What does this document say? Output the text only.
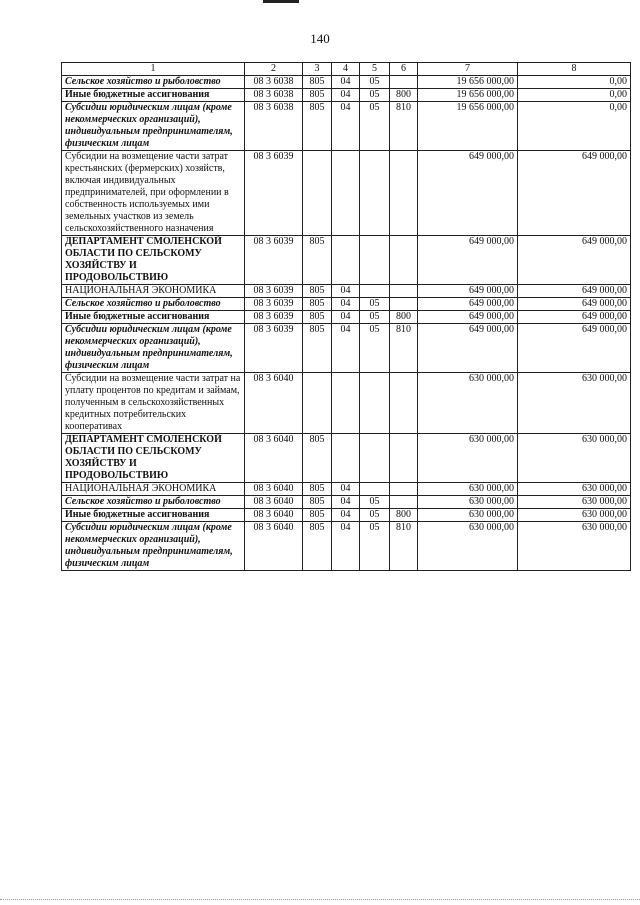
140
1	2	3	4	5	6	7	8
Сельское хозяйство и рыболовство	08 3 6038	805	04	05		19 656 000,00	0,00
Иные бюджетные ассигнования	08 3 6038	805	04	05	800	19 656 000,00	0,00
Субсидии юридическим лицам (кроме некоммерческих организаций), индивидуальным предпринимателям, физическим лицам	08 3 6038	805	04	05	810	19 656 000,00	0,00
Субсидии на возмещение части затрат крестьянских (фермерских) хозяйств, включая индивидуальных предпринимателей, при оформлении в собственность используемых ими земельных участков из земель сельскохозяйственного назначения	08 3 6039					649 000,00	649 000,00
ДЕПАРТАМЕНТ СМОЛЕНСКОЙ ОБЛАСТИ ПО СЕЛЬСКОМУ ХОЗЯЙСТВУ И ПРОДОВОЛЬСТВИЮ	08 3 6039	805				649 000,00	649 000,00
НАЦИОНАЛЬНАЯ ЭКОНОМИКА	08 3 6039	805	04			649 000,00	649 000,00
Сельское хозяйство и рыболовство	08 3 6039	805	04	05		649 000,00	649 000,00
Иные бюджетные ассигнования	08 3 6039	805	04	05	800	649 000,00	649 000,00
Субсидии юридическим лицам (кроме некоммерческих организаций), индивидуальным предпринимателям, физическим лицам	08 3 6039	805	04	05	810	649 000,00	649 000,00
Субсидии на возмещение части затрат на уплату процентов по кредитам и займам, полученным в сельскохозяйственных кредитных потребительских кооперативах	08 3 6040					630 000,00	630 000,00
ДЕПАРТАМЕНТ СМОЛЕНСКОЙ ОБЛАСТИ ПО СЕЛЬСКОМУ ХОЗЯЙСТВУ И ПРОДОВОЛЬСТВИЮ	08 3 6040	805				630 000,00	630 000,00
НАЦИОНАЛЬНАЯ ЭКОНОМИКА	08 3 6040	805	04			630 000,00	630 000,00
Сельское хозяйство и рыболовство	08 3 6040	805	04	05		630 000,00	630 000,00
Иные бюджетные ассигнования	08 3 6040	805	04	05	800	630 000,00	630 000,00
Субсидии юридическим лицам (кроме некоммерческих организаций), индивидуальным предпринимателям, физическим лицам	08 3 6040	805	04	05	810	630 000,00	630 000,00
